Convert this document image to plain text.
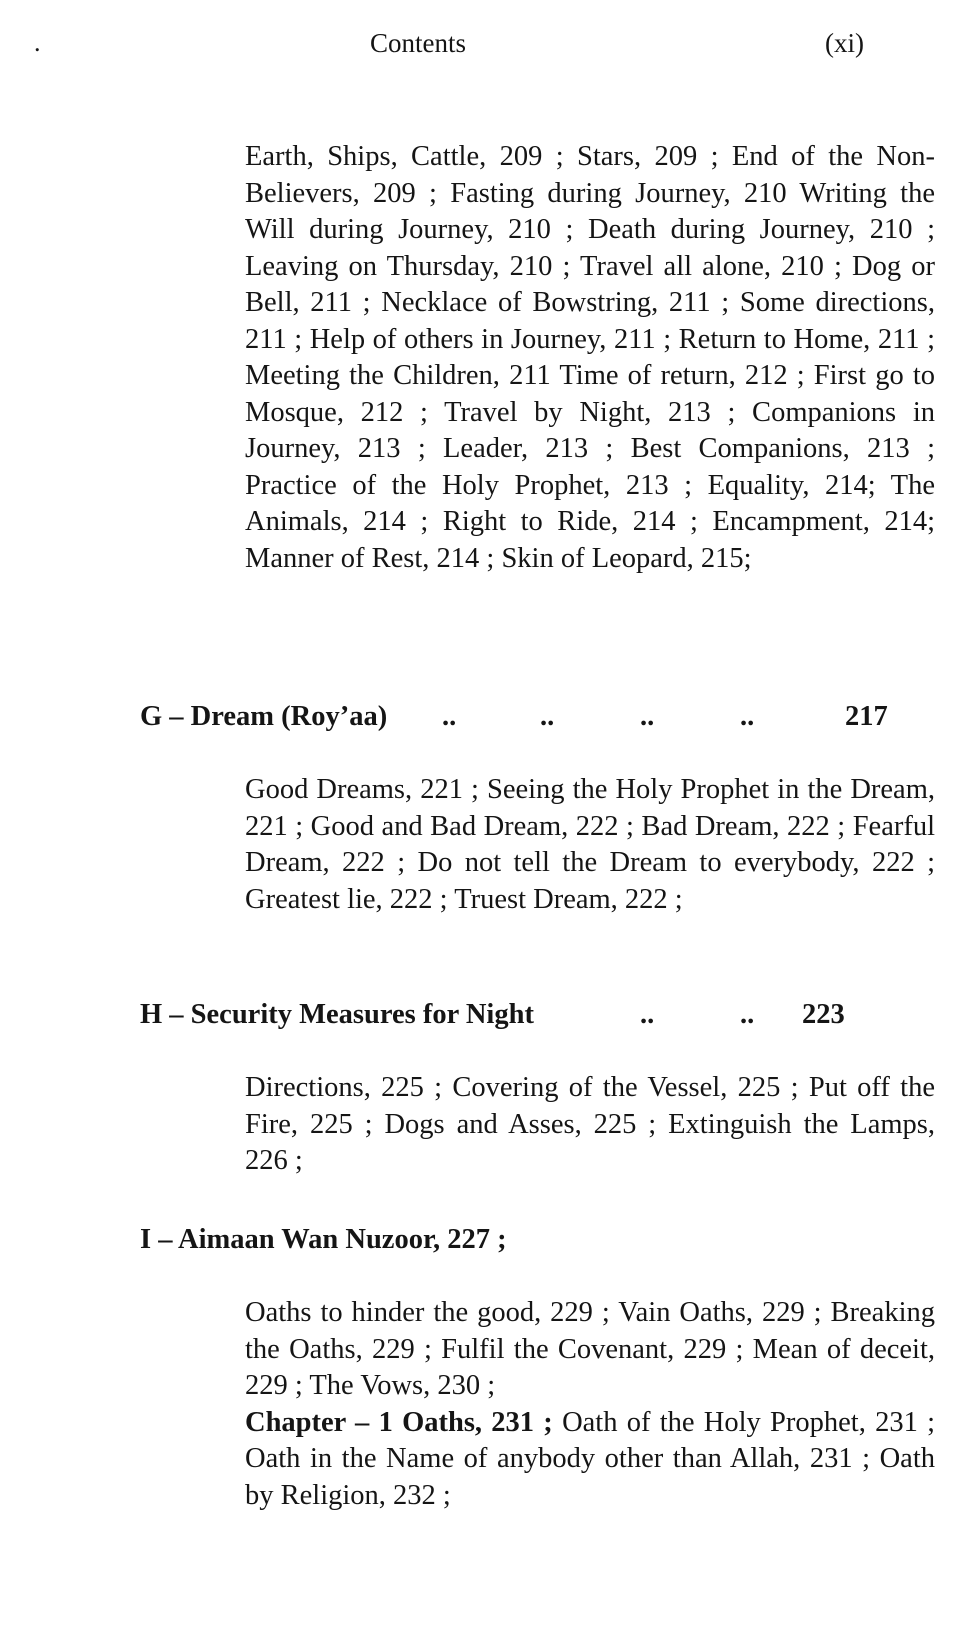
.	Contents	(xi)

Earth, Ships, Cattle, 209 ; Stars, 209 ; End of the Non-Believers, 209 ; Fasting during Journey, 210 Writing the Will during Journey, 210 ; Death during Journey, 210 ; Leaving on Thursday, 210 ; Travel all alone, 210 ; Dog or Bell, 211 ; Necklace of Bowstring, 211 ; Some directions, 211 ; Help of others in Journey, 211 ; Return to Home, 211 ; Meeting the Children, 211 Time of return, 212 ; First go to Mosque, 212 ; Travel by Night, 213 ; Companions in Journey, 213 ; Leader, 213 ; Best Companions, 213 ; Practice of the Holy Prophet, 213 ; Equality, 214; The Animals, 214 ; Right to Ride, 214 ; Encampment, 214; Manner of Rest, 214 ; Skin of Leopard, 215;

G – Dream (Roy’aa) ..	..	..	..	217

Good Dreams, 221 ; Seeing the Holy Prophet in the Dream, 221 ; Good and Bad Dream, 222 ; Bad Dream, 222 ; Fearful Dream, 222 ; Do not tell the Dream to everybody, 222 ; Greatest lie, 222 ; Truest Dream, 222 ;

H – Security Measures for Night	..	.. 223

Directions, 225 ; Covering of the Vessel, 225 ; Put off the Fire, 225 ; Dogs and Asses, 225 ; Extinguish the Lamps, 226 ;

I – Aimaan Wan Nuzoor, 227 ;
Oaths to hinder the good, 229 ; Vain Oaths, 229 ; Breaking the Oaths, 229 ; Fulfil the Covenant, 229 ; Mean of deceit, 229 ; The Vows, 230 ;
Chapter – 1 Oaths, 231 ; Oath of the Holy Prophet, 231 ; Oath in the Name of anybody other than Allah, 231 ; Oath by Religion, 232 ;
